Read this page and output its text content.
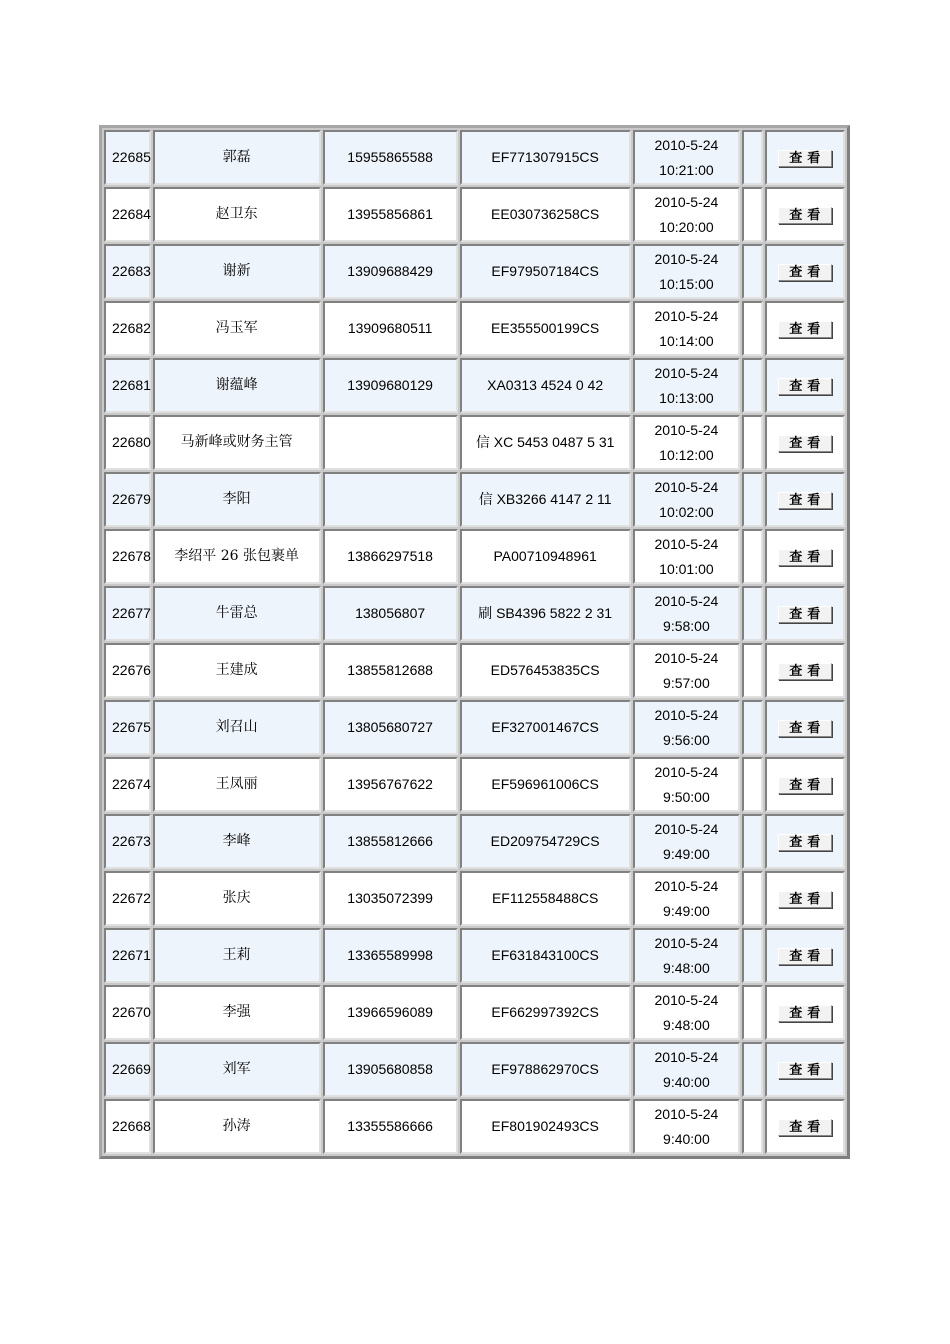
22685	郭磊	15955865588	EF771307915CS	2010-5-24
10:21:00		查看
22684	赵卫东	13955856861	EE030736258CS	2010-5-24
10:20:00		查看
22683	谢新	13909688429	EF979507184CS	2010-5-24
10:15:00		查看
22682	冯玉军	13909680511	EE355500199CS	2010-5-24
10:14:00		查看
22681	谢蕴峰	13909680129	XA0313 4524 0 42	2010-5-24
10:13:00		查看
22680	马新峰或财务主管		信 XC 5453 0487 5 31	2010-5-24
10:12:00		查看
22679	李阳		信 XB3266 4147 2 11	2010-5-24
10:02:00		查看
22678	李绍平 26 张包裹单	13866297518	PA00710948961	2010-5-24
10:01:00		查看
22677	牛雷总	138056807	刷 SB4396 5822 2 31	2010-5-24
9:58:00		查看
22676	王建成	13855812688	ED576453835CS	2010-5-24
9:57:00		查看
22675	刘召山	13805680727	EF327001467CS	2010-5-24
9:56:00		查看
22674	王凤丽	13956767622	EF596961006CS	2010-5-24
9:50:00		查看
22673	李峰	13855812666	ED209754729CS	2010-5-24
9:49:00		查看
22672	张庆	13035072399	EF112558488CS	2010-5-24
9:49:00		查看
22671	王莉	13365589998	EF631843100CS	2010-5-24
9:48:00		查看
22670	李强	13966596089	EF662997392CS	2010-5-24
9:48:00		查看
22669	刘军	13905680858	EF978862970CS	2010-5-24
9:40:00		查看
22668	孙涛	13355586666	EF801902493CS	2010-5-24
9:40:00		查看
